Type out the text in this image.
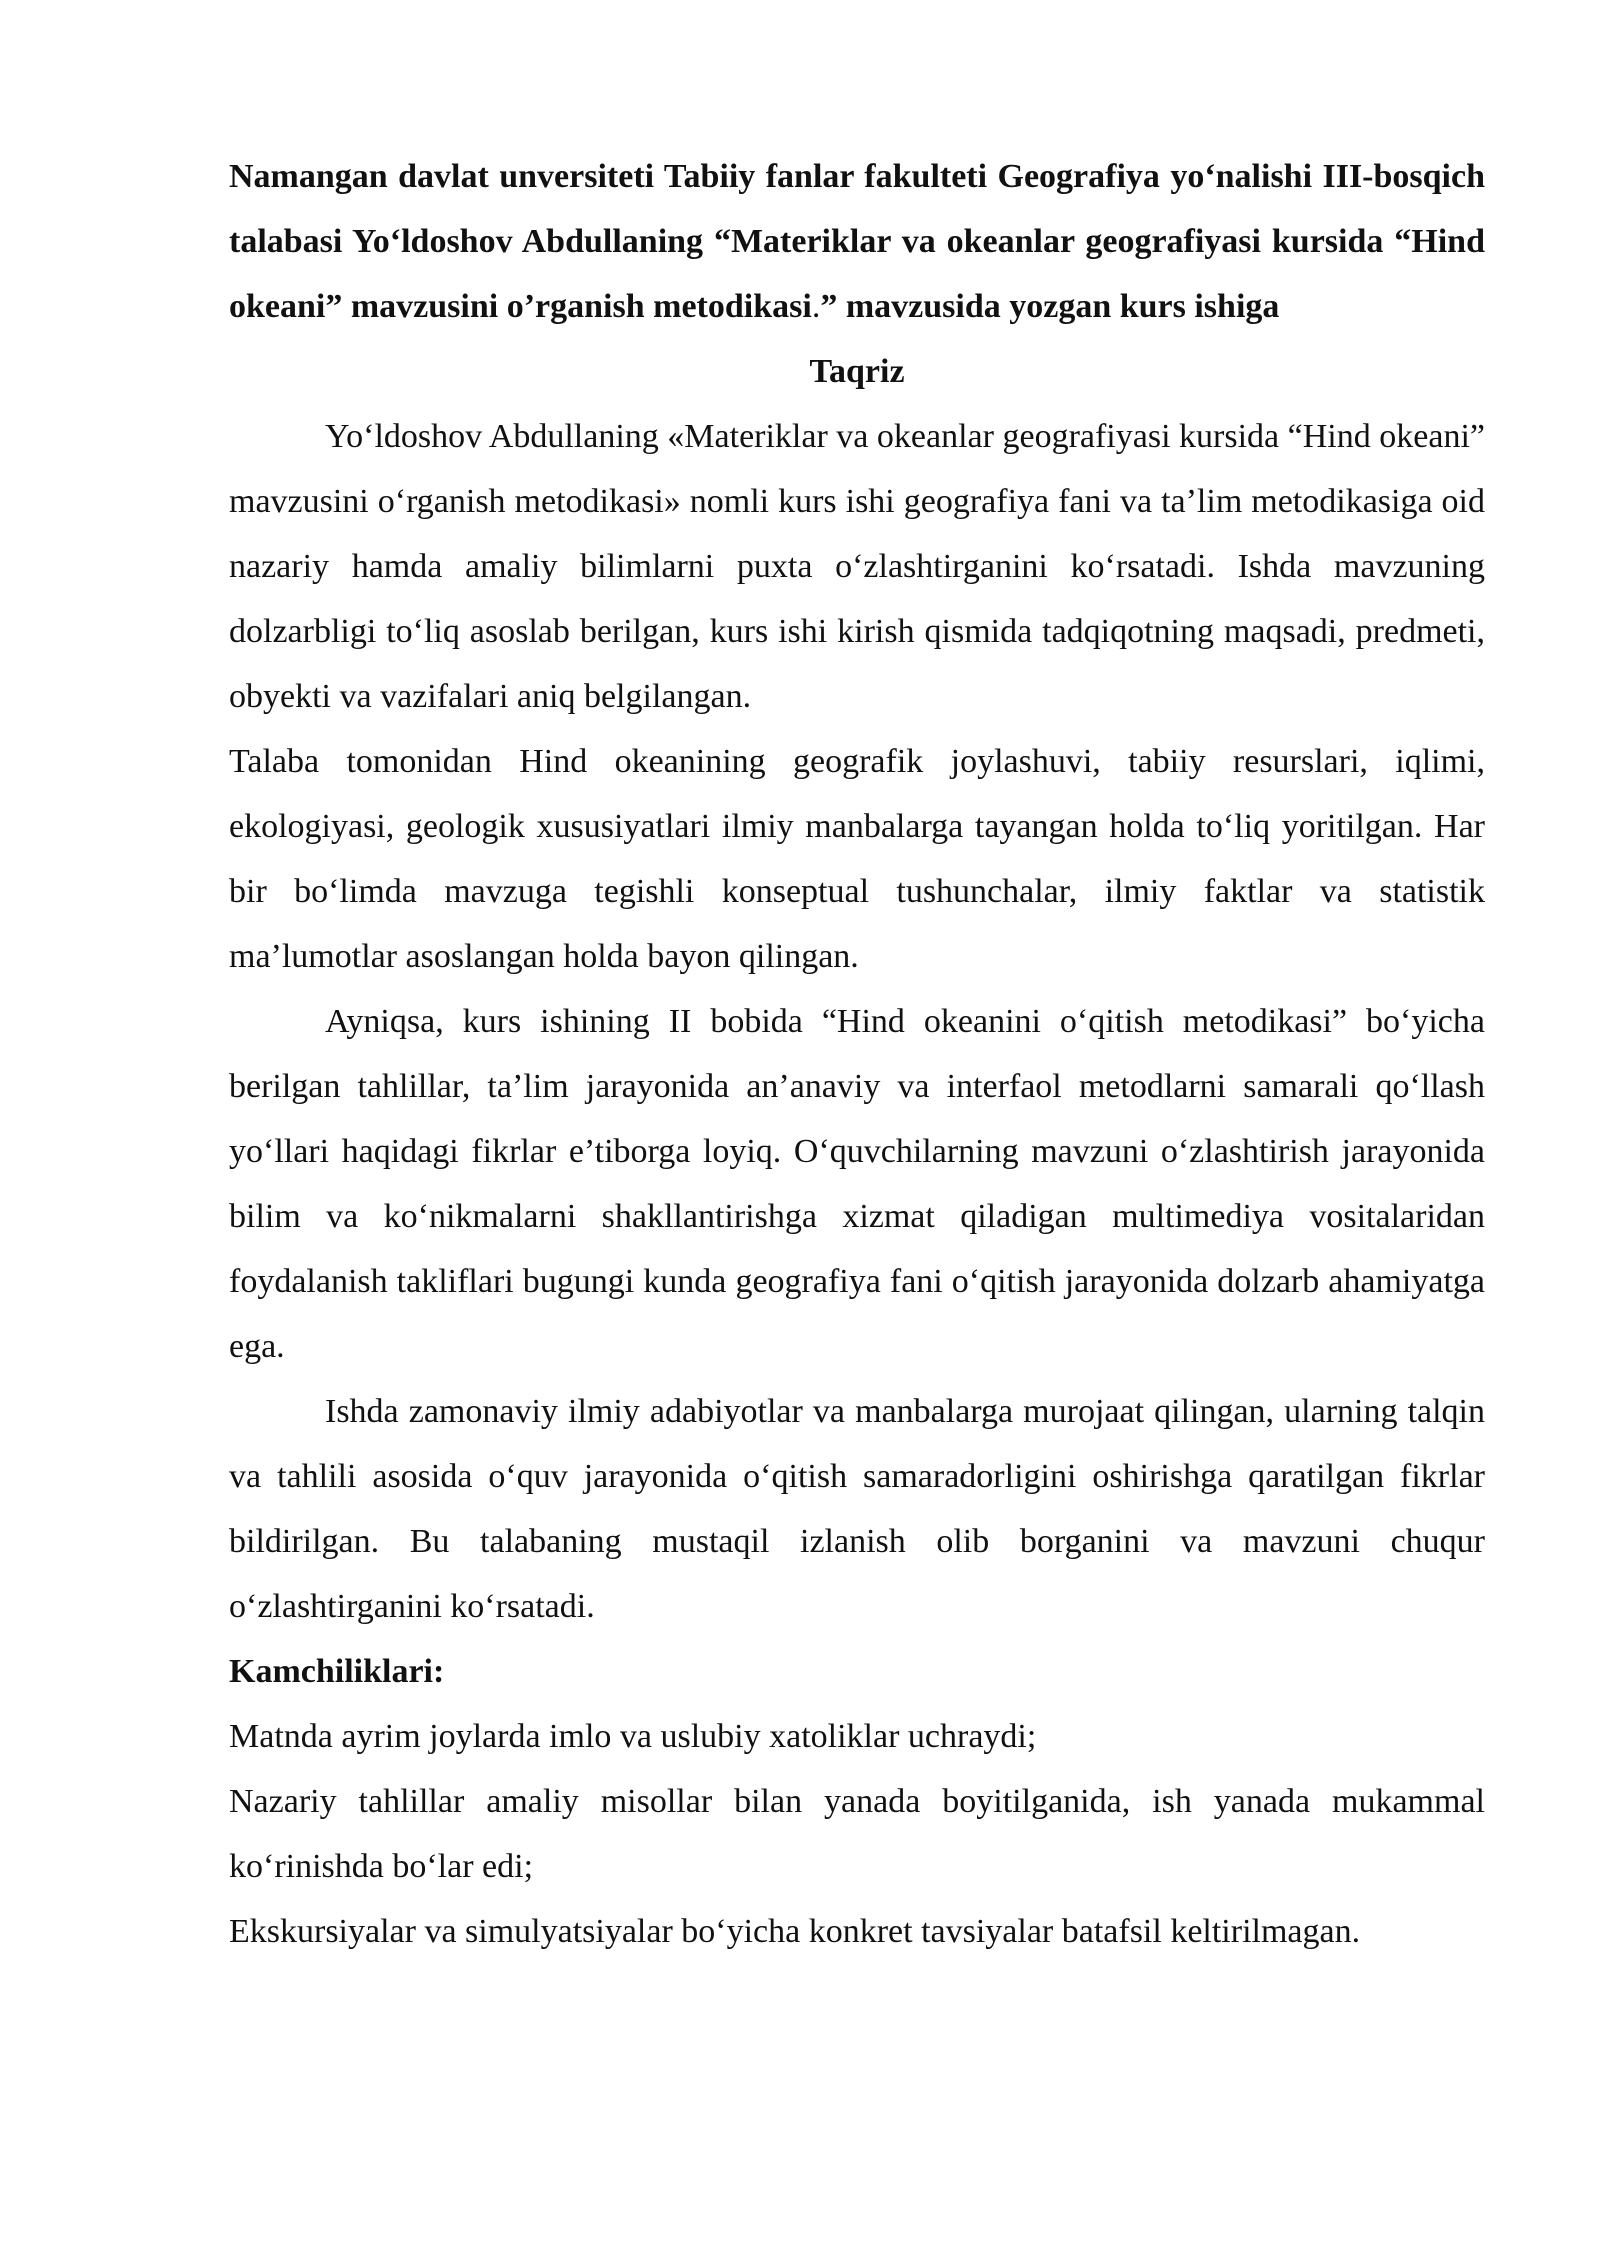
Namangan davlat unversiteti Tabiiy fanlar fakulteti Geografiya yo‘nalishi III-bosqich talabasi Yo‘ldoshov Abdullaning “Materiklar va okeanlar geografiyasi kursida “Hind okeani” mavzusini o’rganish metodikasi.” mavzusida yozgan kurs ishiga

Taqriz

Yo‘ldoshov Abdullaning «Materiklar va okeanlar geografiyasi kursida “Hind okeani” mavzusini o‘rganish metodikasi» nomli kurs ishi geografiya fani va ta’lim metodikasiga oid nazariy hamda amaliy bilimlarni puxta o‘zlashtirganini ko‘rsatadi. Ishda mavzuning dolzarbligi to‘liq asoslab berilgan, kurs ishi kirish qismida tadqiqotning maqsadi, predmeti, obyekti va vazifalari aniq belgilangan.

Talaba tomonidan Hind okeanining geografik joylashuvi, tabiiy resurslari, iqlimi, ekologiyasi, geologik xususiyatlari ilmiy manbalarga tayangan holda to‘liq yoritilgan. Har bir bo‘limda mavzuga tegishli konseptual tushunchalar, ilmiy faktlar va statistik ma’lumotlar asoslangan holda bayon qilingan.

Ayniqsa, kurs ishining II bobida “Hind okeanini o‘qitish metodikasi” bo‘yicha berilgan tahlillar, ta’lim jarayonida an’anaviy va interfaol metodlarni samarali qo‘llash yo‘llari haqidagi fikrlar e’tiborga loyiq. O‘quvchilarning mavzuni o‘zlashtirish jarayonida bilim va ko‘nikmalarni shakllantirishga xizmat qiladigan multimediya vositalaridan foydalanish takliflari bugungi kunda geografiya fani o‘qitish jarayonida dolzarb ahamiyatga ega.

Ishda zamonaviy ilmiy adabiyotlar va manbalarga murojaat qilingan, ularning talqin va tahlili asosida o‘quv jarayonida o‘qitish samaradorligini oshirishga qaratilgan fikrlar bildirilgan. Bu talabaning mustaqil izlanish olib borganini va mavzuni chuqur o‘zlashtirganini ko‘rsatadi.

Kamchiliklari:

Matnda ayrim joylarda imlo va uslubiy xatoliklar uchraydi;

Nazariy tahlillar amaliy misollar bilan yanada boyitilganida, ish yanada mukammal ko‘rinishda bo‘lar edi;

Ekskursiyalar va simulyatsiyalar bo‘yicha konkret tavsiyalar batafsil keltirilmagan.
